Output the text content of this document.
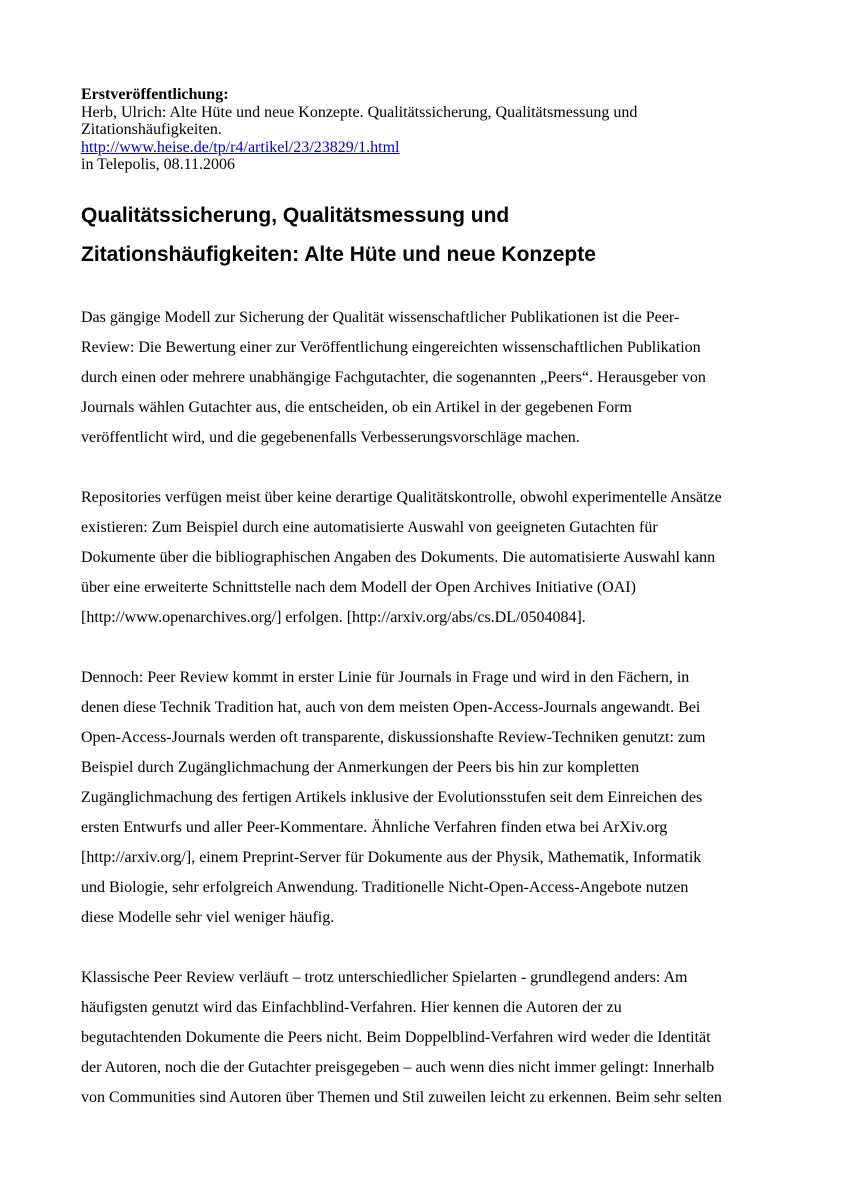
Erstveröffentlichung:
Herb, Ulrich: Alte Hüte und neue Konzepte. Qualitätssicherung, Qualitätsmessung und
Zitationshäufigkeiten.
http://www.heise.de/tp/r4/artikel/23/23829/1.html
in Telepolis, 08.11.2006
Qualitätssicherung, Qualitätsmessung und
Zitationshäufigkeiten: Alte Hüte und neue Konzepte

Das gängige Modell zur Sicherung der Qualität wissenschaftlicher Publikationen ist die Peer-
Review: Die Bewertung einer zur Veröffentlichung eingereichten wissenschaftlichen Publikation
durch einen oder mehrere unabhängige Fachgutachter, die sogenannten „Peers“. Herausgeber von
Journals wählen Gutachter aus, die entscheiden, ob ein Artikel in der gegebenen Form
veröffentlicht wird, und die gegebenenfalls Verbesserungsvorschläge machen.

Repositories verfügen meist über keine derartige Qualitätskontrolle, obwohl experimentelle Ansätze
existieren: Zum Beispiel durch eine automatisierte Auswahl von geeigneten Gutachten für
Dokumente über die bibliographischen Angaben des Dokuments. Die automatisierte Auswahl kann
über eine erweiterte Schnittstelle nach dem Modell der Open Archives Initiative (OAI)
[http://www.openarchives.org/] erfolgen. [http://arxiv.org/abs/cs.DL/0504084].

Dennoch: Peer Review kommt in erster Linie für Journals in Frage und wird in den Fächern, in
denen diese Technik Tradition hat, auch von dem meisten Open-Access-Journals angewandt. Bei
Open-Access-Journals werden oft transparente, diskussionshafte Review-Techniken genutzt: zum
Beispiel durch Zugänglichmachung der Anmerkungen der Peers bis hin zur kompletten
Zugänglichmachung des fertigen Artikels inklusive der Evolutionsstufen seit dem Einreichen des
ersten Entwurfs und aller Peer-Kommentare. Ähnliche Verfahren finden etwa bei ArXiv.org
[http://arxiv.org/], einem Preprint-Server für Dokumente aus der Physik, Mathematik, Informatik
und Biologie, sehr erfolgreich Anwendung. Traditionelle Nicht-Open-Access-Angebote nutzen
diese Modelle sehr viel weniger häufig.

Klassische Peer Review verläuft – trotz unterschiedlicher Spielarten - grundlegend anders: Am
häufigsten genutzt wird das Einfachblind-Verfahren. Hier kennen die Autoren der zu
begutachtenden Dokumente die Peers nicht. Beim Doppelblind-Verfahren wird weder die Identität
der Autoren, noch die der Gutachter preisgegeben – auch wenn dies nicht immer gelingt: Innerhalb
von Communities sind Autoren über Themen und Stil zuweilen leicht zu erkennen. Beim sehr selten
